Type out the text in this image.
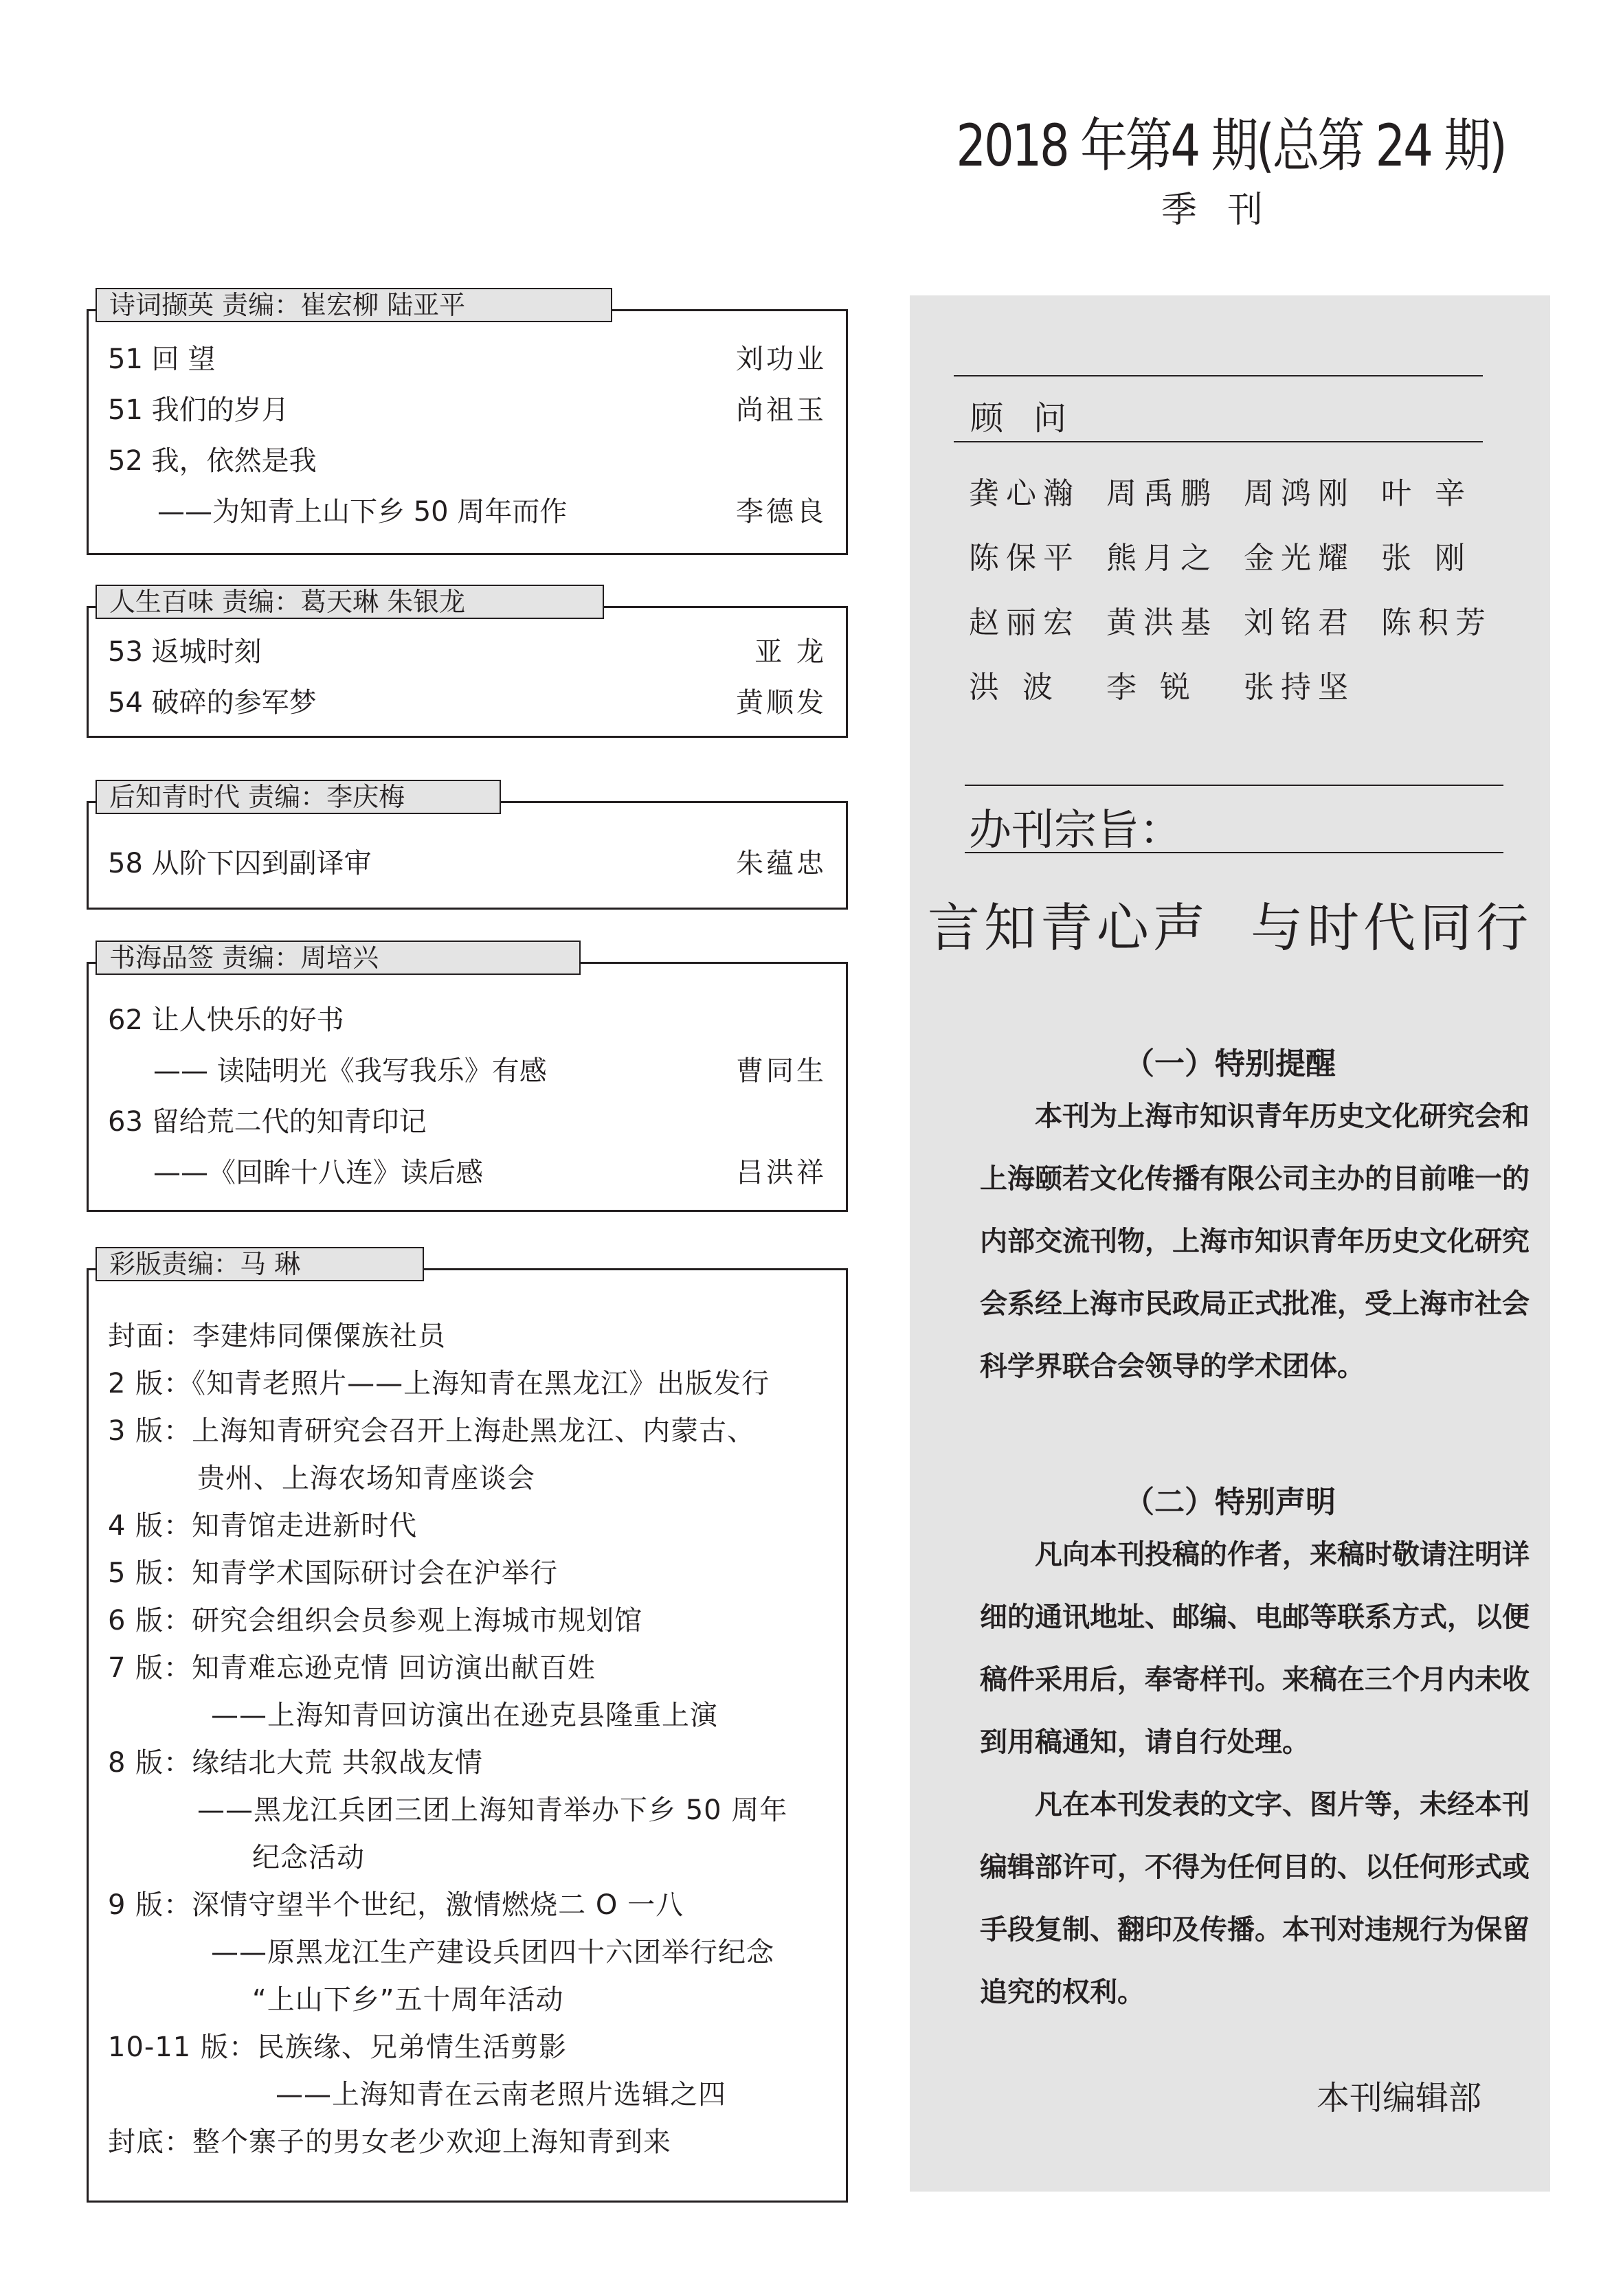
2018 年第4 期(总第 24 期)
季刊
诗词撷英 责编：崔宏柳 陆亚平
51 回 望	刘功业
51 我们的岁月	尚祖玉
52 我，依然是我
——为知青上山下乡 50 周年而作	李德良
人生百味 责编：葛天琳 朱银龙
53 返城时刻	亚 龙
54 破碎的参军梦	黄顺发
后知青时代 责编：李庆梅
58 从阶下囚到副译审	朱蕴忠
书海品签 责编：周培兴
62 让人快乐的好书
—— 读陆明光《我写我乐》有感	曹同生
63 留给荒二代的知青印记
——《回眸十八连》读后感	吕洪祥
彩版责编：马 琳
封面：李建炜同傈僳族社员
2 版：《知青老照片——上海知青在黑龙江》出版发行
3 版：上海知青研究会召开上海赴黑龙江、内蒙古、
贵州、上海农场知青座谈会
4 版：知青馆走进新时代
5 版：知青学术国际研讨会在沪举行
6 版：研究会组织会员参观上海城市规划馆
7 版：知青难忘逊克情 回访演出献百姓
——上海知青回访演出在逊克县隆重上演
8 版：缘结北大荒 共叙战友情
——黑龙江兵团三团上海知青举办下乡 50 周年
纪念活动
9 版：深情守望半个世纪，激情燃烧二 O 一八
——原黑龙江生产建设兵团四十六团举行纪念
“上山下乡”五十周年活动
10-11 版：民族缘、兄弟情生活剪影
——上海知青在云南老照片选辑之四
封底：整个寨子的男女老少欢迎上海知青到来
顾问
龚心瀚 周禹鹏 周鸿刚 叶 辛
陈保平 熊月之 金光耀 张 刚
赵丽宏 黄洪基 刘铭君 陈积芳
洪 波 李 锐 张持坚
办刊宗旨：
言知青心声  与时代同行
（一）特别提醒
本刊为上海市知识青年历史文化研究会和上海颐若文化传播有限公司主办的目前唯一的内部交流刊物，上海市知识青年历史文化研究会系经上海市民政局正式批准，受上海市社会科学界联合会领导的学术团体。
（二）特别声明
凡向本刊投稿的作者，来稿时敬请注明详细的通讯地址、邮编、电邮等联系方式，以便稿件采用后，奉寄样刊。来稿在三个月内未收到用稿通知，请自行处理。
凡在本刊发表的文字、图片等，未经本刊编辑部许可，不得为任何目的、以任何形式或手段复制、翻印及传播。本刊对违规行为保留追究的权利。
本刊编辑部
